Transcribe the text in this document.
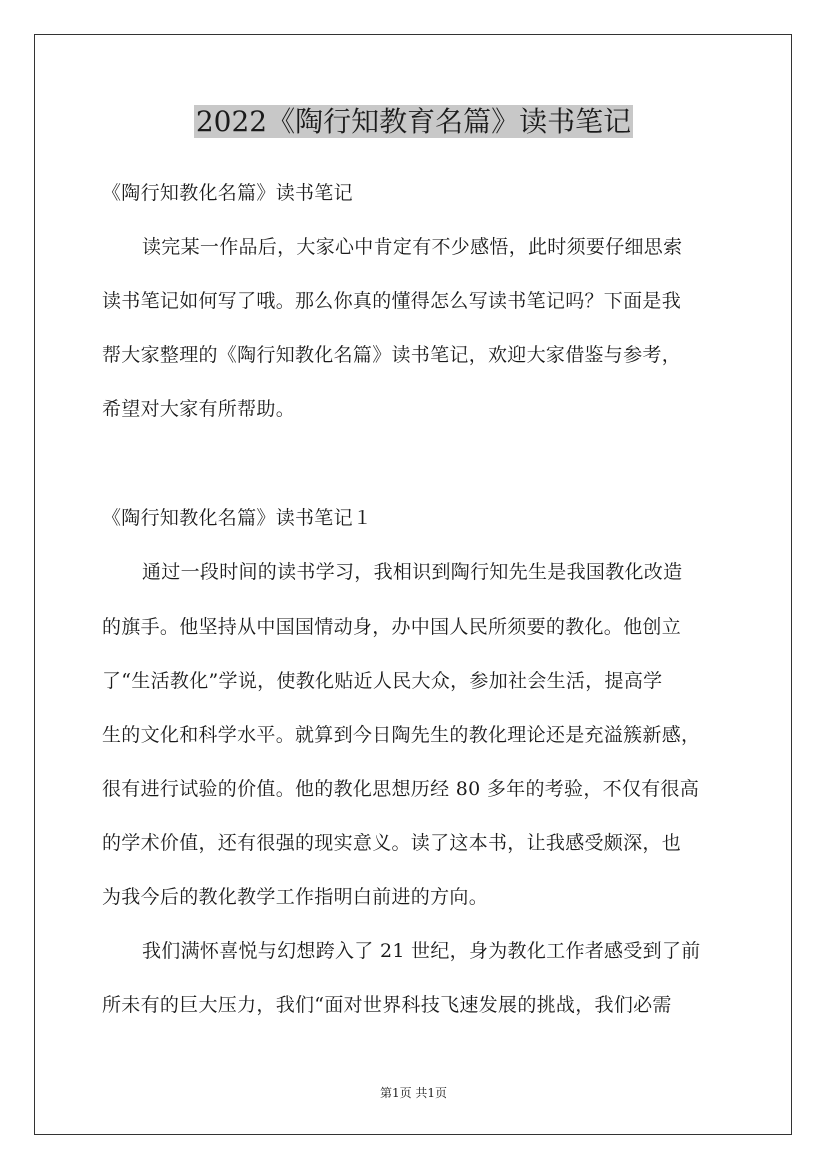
2022《陶行知教育名篇》读书笔记
《陶行知教化名篇》读书笔记
读完某一作品后，大家心中肯定有不少感悟，此时须要仔细思索
读书笔记如何写了哦。那么你真的懂得怎么写读书笔记吗？下面是我
帮大家整理的《陶行知教化名篇》读书笔记，欢迎大家借鉴与参考，
希望对大家有所帮助。
《陶行知教化名篇》读书笔记１
通过一段时间的读书学习，我相识到陶行知先生是我国教化改造
的旗手。他坚持从中国国情动身，办中国人民所须要的教化。他创立
了“生活教化”学说，使教化贴近人民大众，参加社会生活，提高学
生的文化和科学水平。就算到今日陶先生的教化理论还是充溢簇新感，
很有进行试验的价值。他的教化思想历经 80 多年的考验，不仅有很高
的学术价值，还有很强的现实意义。读了这本书，让我感受颇深，也
为我今后的教化教学工作指明白前进的方向。
我们满怀喜悦与幻想跨入了 21 世纪，身为教化工作者感受到了前
所未有的巨大压力，我们“面对世界科技飞速发展的挑战，我们必需
第1页 共1页
